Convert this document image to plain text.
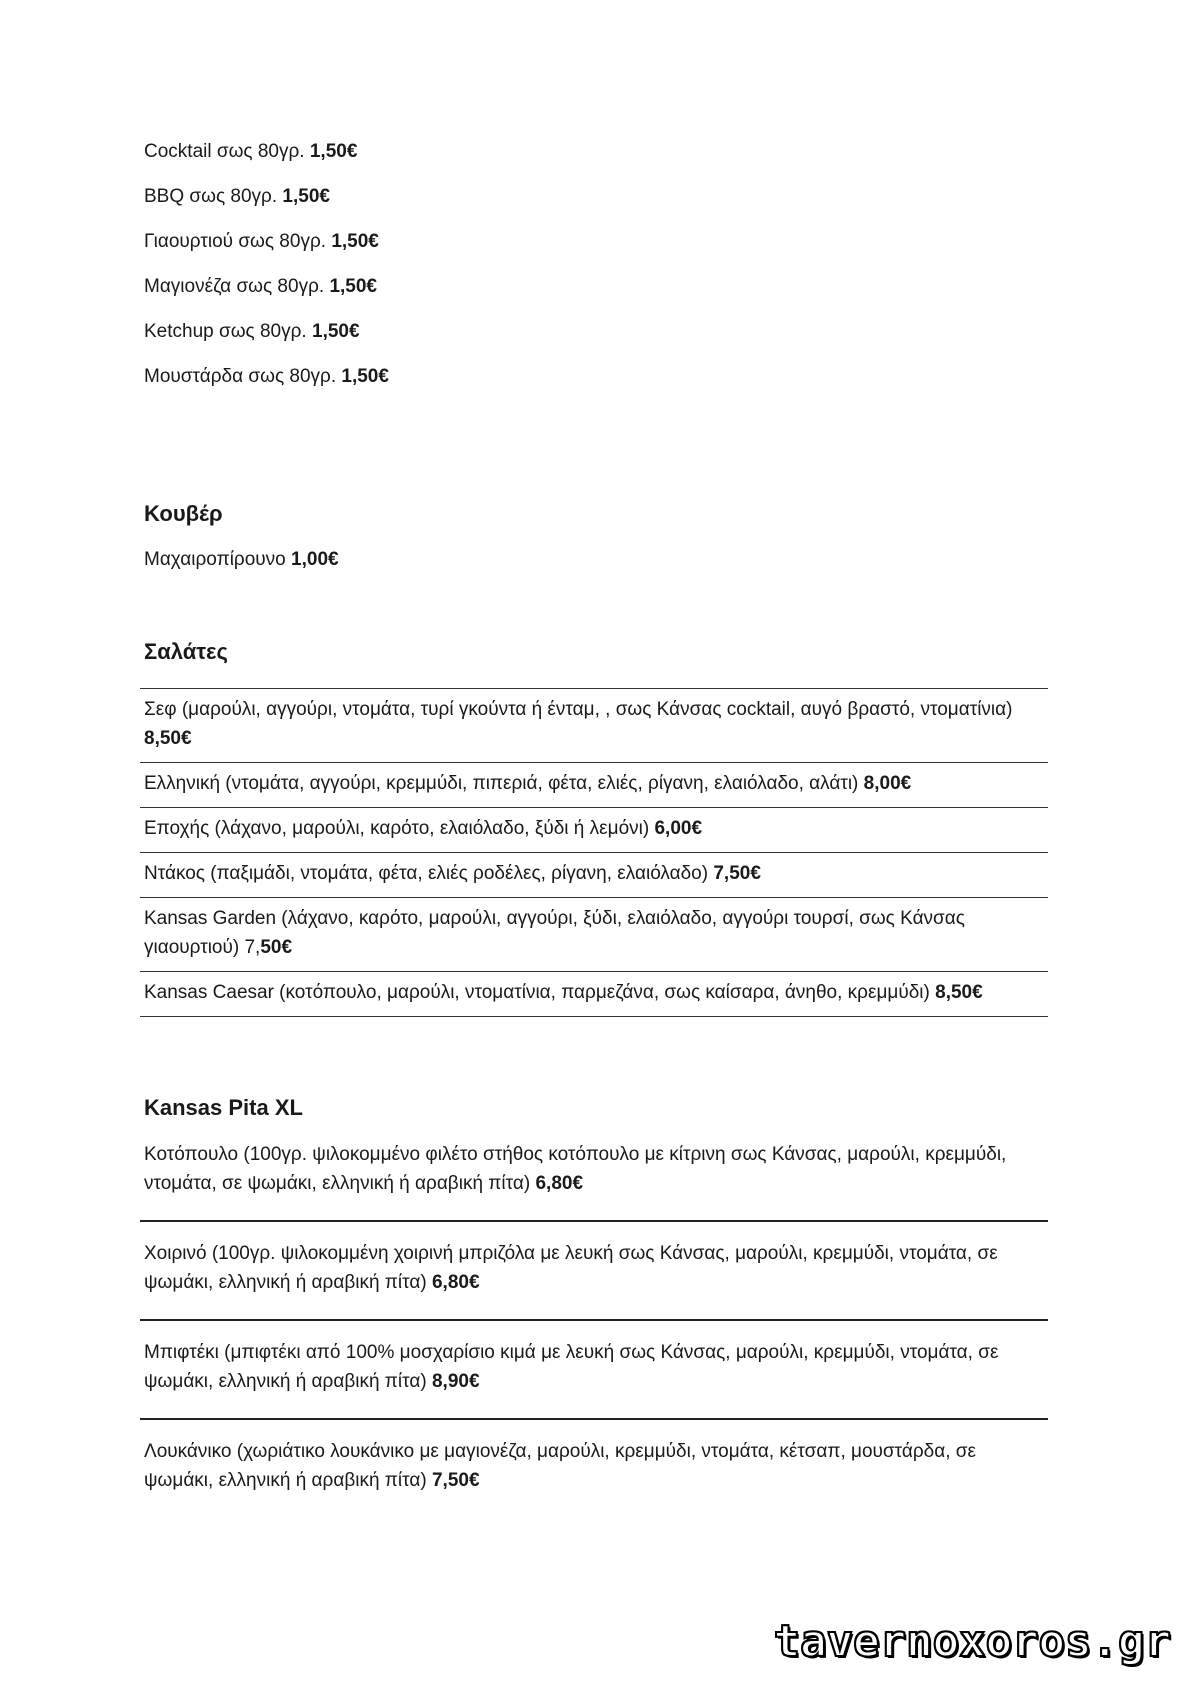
Cocktail σως 80γρ. 1,50€
BBQ σως 80γρ. 1,50€
Γιαουρτιού σως 80γρ. 1,50€
Μαγιονέζα σως 80γρ. 1,50€
Ketchup σως 80γρ. 1,50€
Μουστάρδα σως 80γρ. 1,50€
Κουβέρ
Μαχαιροπίρουνο 1,00€
Σαλάτες
Σεφ (μαρούλι, αγγούρι, ντομάτα, τυρί γκούντα ή ένταμ, , σως Κάνσας cocktail, αυγό βραστό, ντοματίνια) 8,50€
Ελληνική (ντομάτα, αγγούρι, κρεμμύδι, πιπεριά, φέτα, ελιές, ρίγανη, ελαιόλαδο, αλάτι) 8,00€
Εποχής (λάχανο, μαρούλι, καρότο, ελαιόλαδο, ξύδι ή λεμόνι) 6,00€
Ντάκος (παξιμάδι, ντομάτα, φέτα, ελιές ροδέλες, ρίγανη, ελαιόλαδο) 7,50€
Kansas Garden (λάχανο, καρότο, μαρούλι, αγγούρι, ξύδι, ελαιόλαδο, αγγούρι τουρσί, σως Κάνσας γιαουρτιού) 7,50€
Kansas Caesar (κοτόπουλο, μαρούλι, ντοματίνια, παρμεζάνα, σως καίσαρα, άνηθο, κρεμμύδι) 8,50€
Kansas Pita XL
Κοτόπουλο (100γρ. ψιλοκομμένο φιλέτο στήθος κοτόπουλο με κίτρινη σως Κάνσας, μαρούλι, κρεμμύδι, ντομάτα, σε ψωμάκι, ελληνική ή αραβική πίτα) 6,80€
Χοιρινό (100γρ. ψιλοκομμένη χοιρινή μπριζόλα με λευκή σως Κάνσας, μαρούλι, κρεμμύδι, ντομάτα, σε ψωμάκι, ελληνική ή αραβική πίτα) 6,80€
Μπιφτέκι (μπιφτέκι από 100% μοσχαρίσιο κιμά με λευκή σως Κάνσας, μαρούλι, κρεμμύδι, ντομάτα, σε ψωμάκι, ελληνική ή αραβική πίτα) 8,90€
Λουκάνικο (χωριάτικο λουκάνικο με μαγιονέζα, μαρούλι, κρεμμύδι, ντομάτα, κέτσαπ, μουστάρδα, σε ψωμάκι, ελληνική ή αραβική πίτα) 7,50€
tavernoxoros.gr
